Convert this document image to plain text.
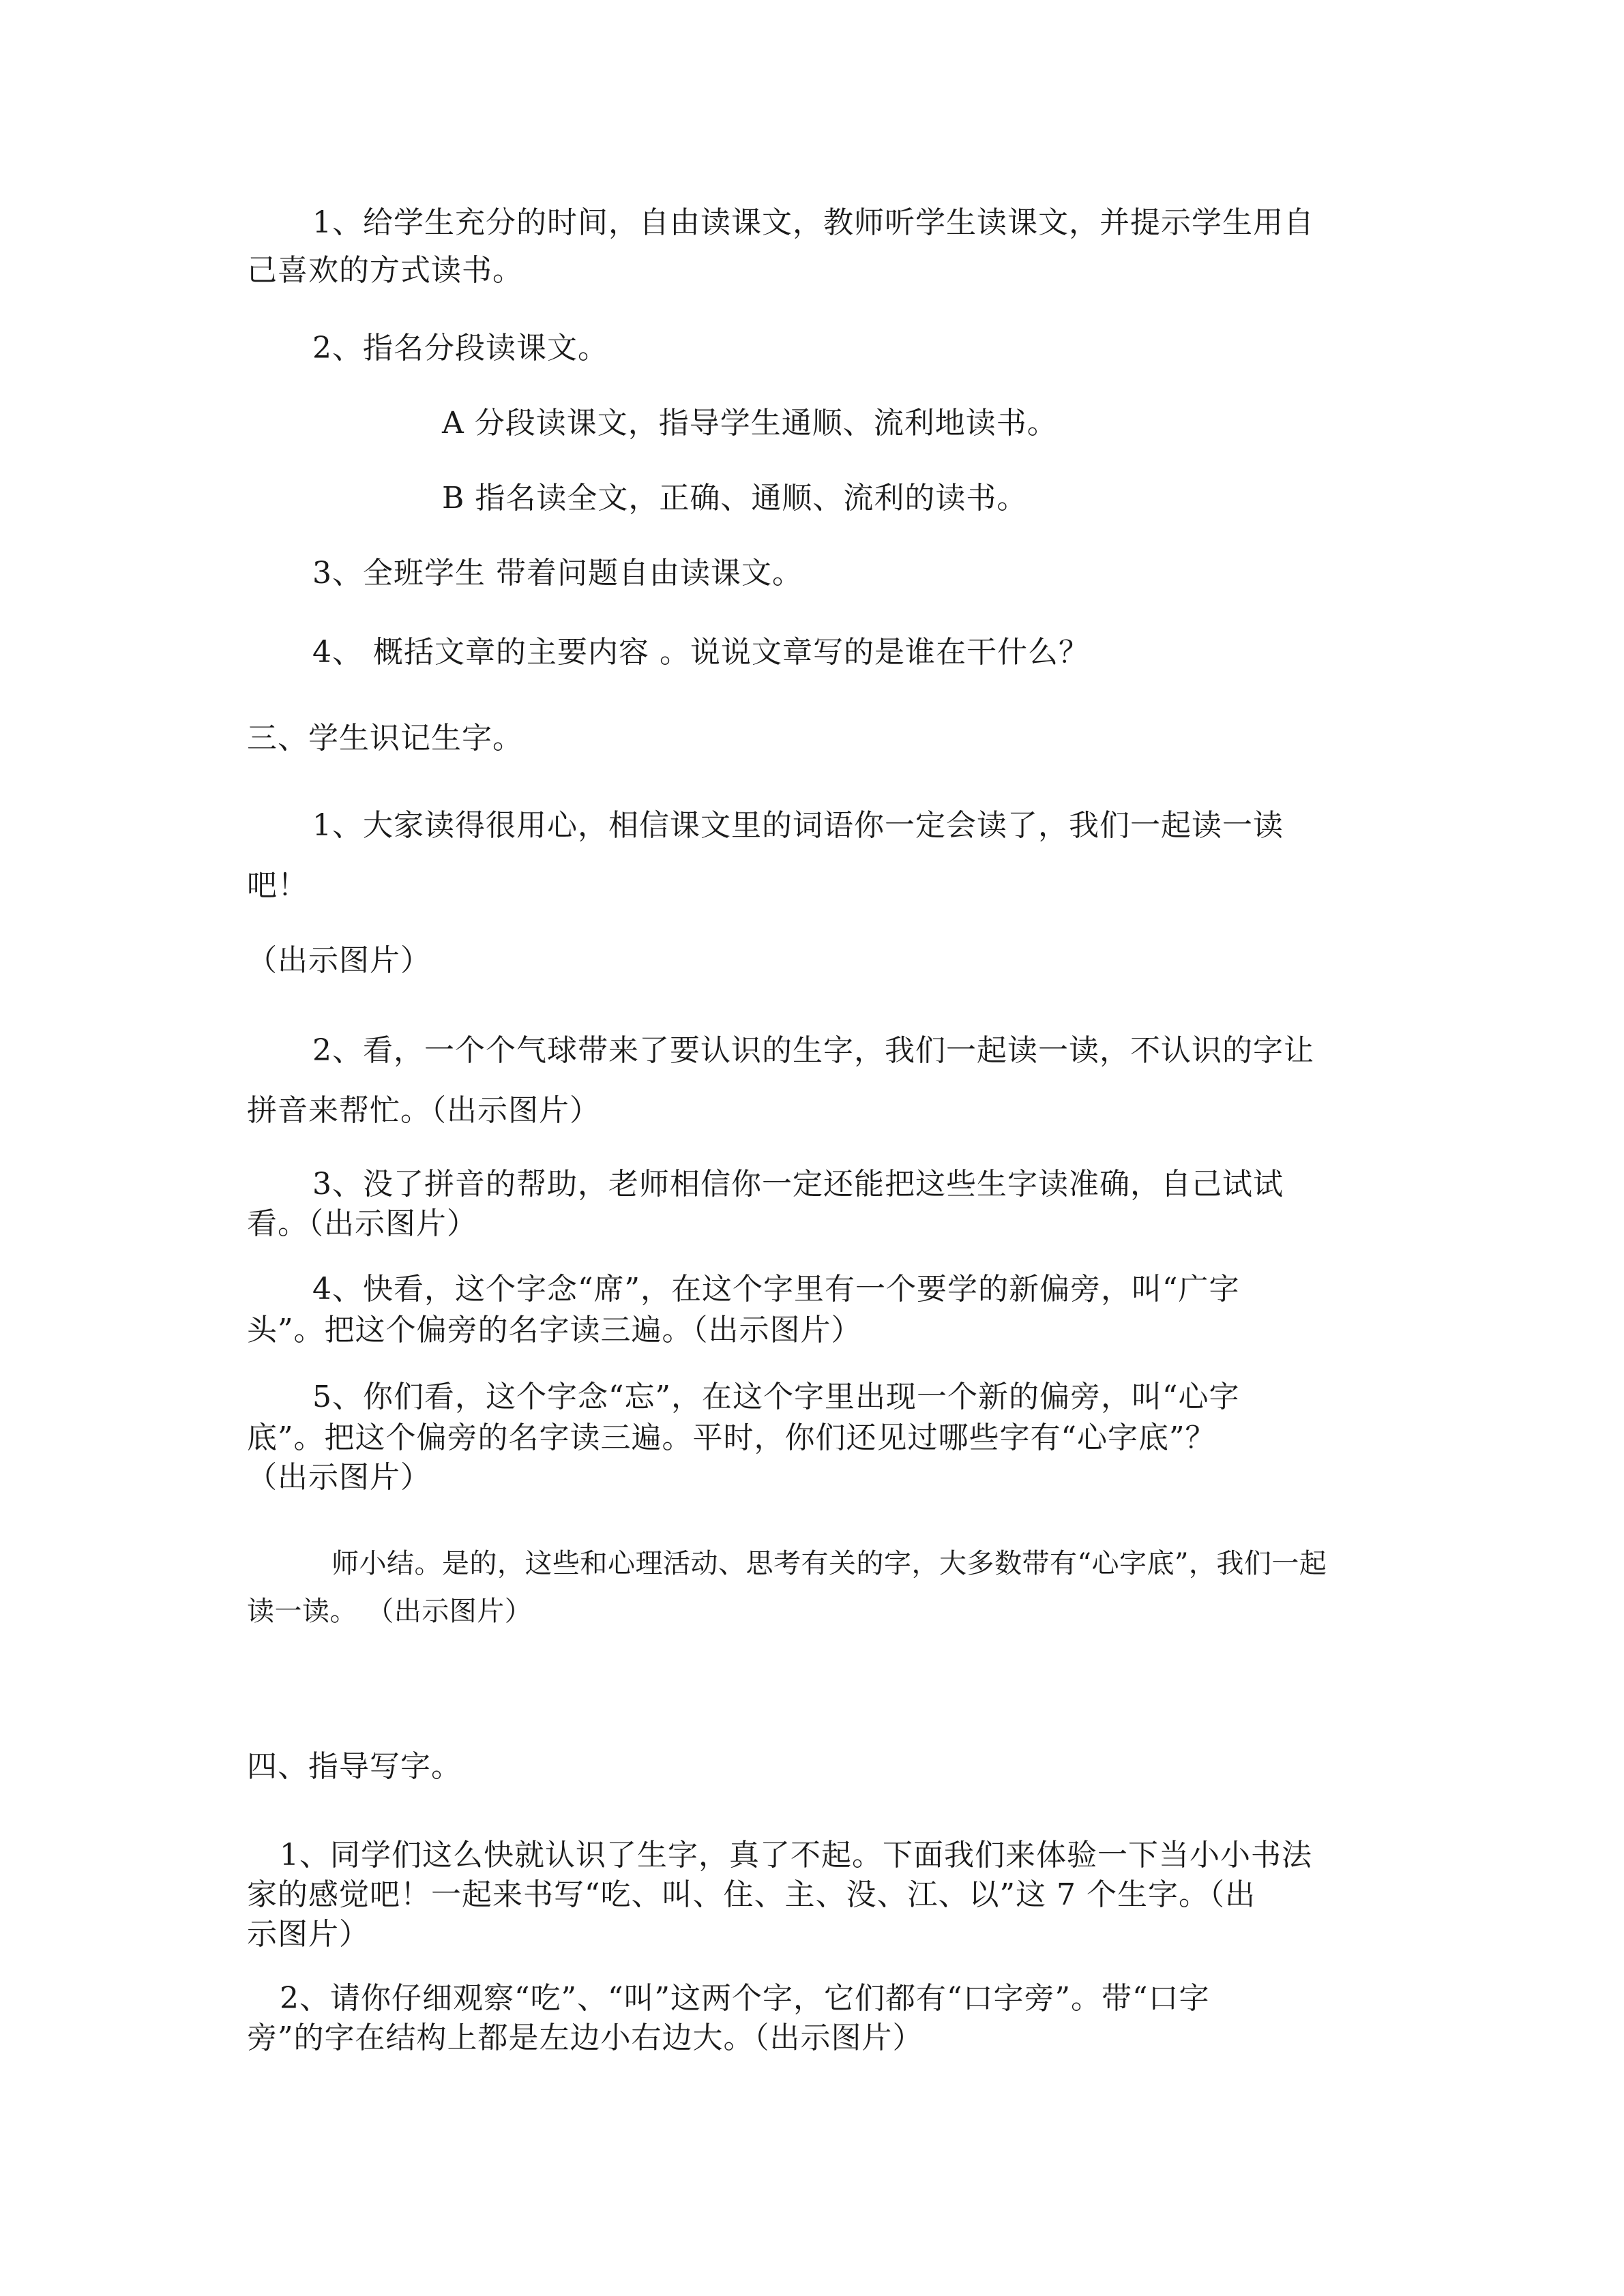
1、给学生充分的时间，自由读课文，教师听学生读课文，并提示学生用自
己喜欢的方式读书。
2、指名分段读课文。
A 分段读课文，指导学生通顺、流利地读书。
B 指名读全文，正确、通顺、流利的读书。
3、全班学生 带着问题自由读课文。
4、 概括文章的主要内容 。说说文章写的是谁在干什么？
三、学生识记生字。
1、大家读得很用心，相信课文里的词语你一定会读了，我们一起读一读
吧！
（出示图片）
2、看，一个个气球带来了要认识的生字，我们一起读一读，不认识的字让
拼音来帮忙。（出示图片）
3、没了拼音的帮助，老师相信你一定还能把这些生字读准确，自己试试
看。（出示图片）
4、快看，这个字念“席”，在这个字里有一个要学的新偏旁，叫“广字
头”。把这个偏旁的名字读三遍。（出示图片）
5、你们看，这个字念“忘”，在这个字里出现一个新的偏旁，叫“心字
底”。把这个偏旁的名字读三遍。平时，你们还见过哪些字有“心字底”？
（出示图片）
师小结。是的，这些和心理活动、思考有关的字，大多数带有“心字底”，我们一起
读一读。 （出示图片）
四、指导写字。
1、同学们这么快就认识了生字，真了不起。下面我们来体验一下当小小书法
家的感觉吧！一起来书写“吃、叫、住、主、没、江、以”这 7 个生字。（出
示图片）
2、请你仔细观察“吃”、“叫”这两个字，它们都有“口字旁”。带“口字
旁”的字在结构上都是左边小右边大。（出示图片）
